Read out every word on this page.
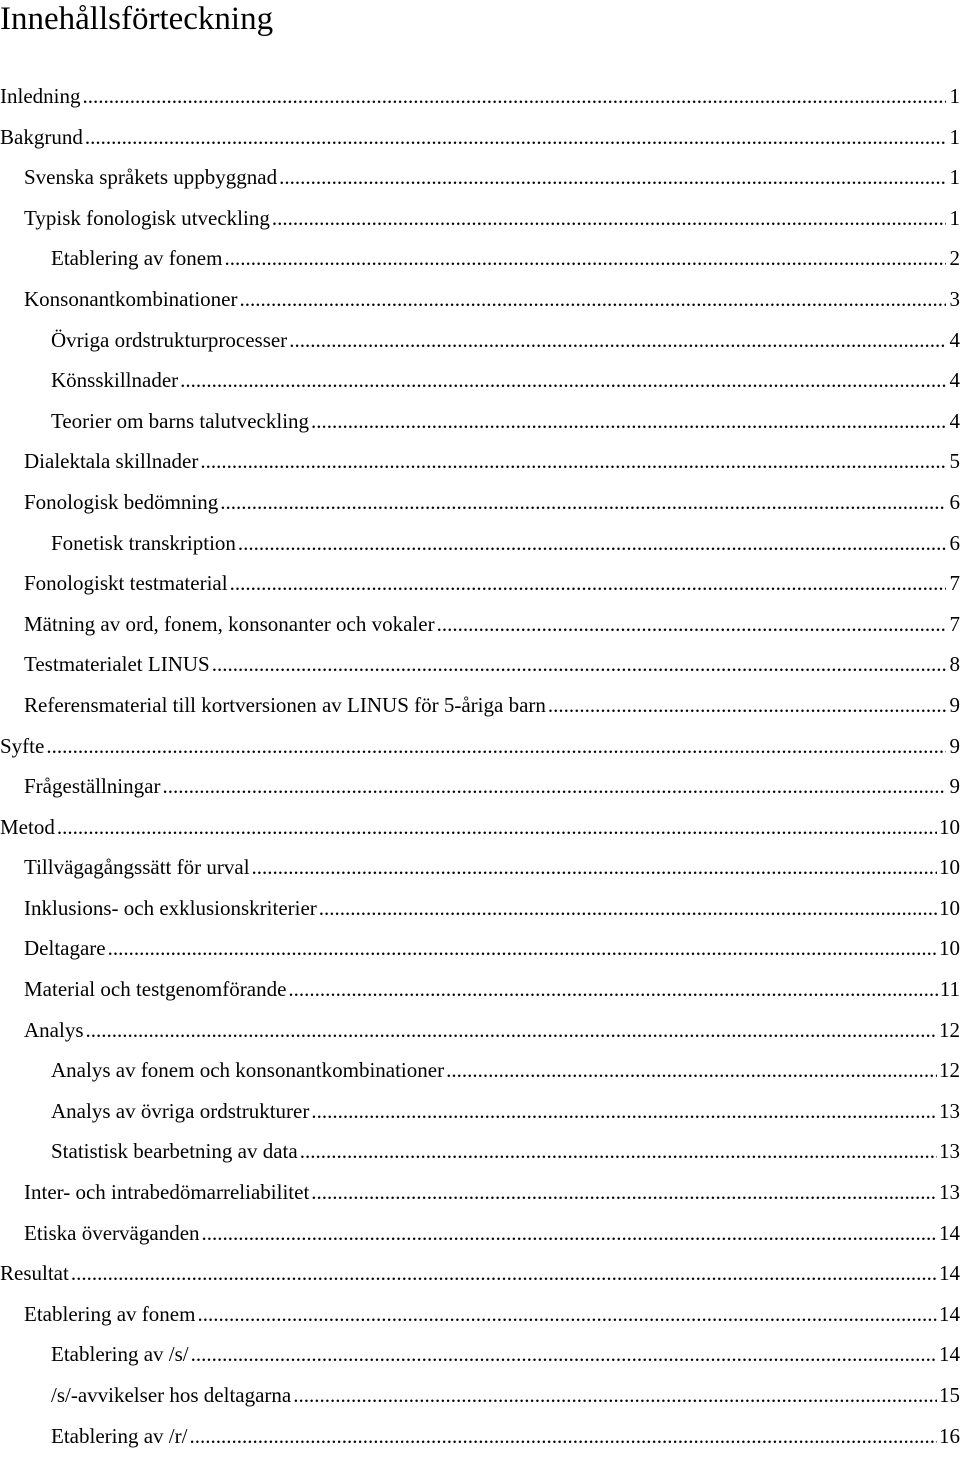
Innehållsförteckning
Inledning .....	1
Bakgrund .....	1
Svenska språkets uppbyggnad .....	1
Typisk fonologisk utveckling .....	1
Etablering av fonem .....	2
Konsonantkombinationer .....	3
Övriga ordstrukturprocesser .....	4
Könsskillnader .....	4
Teorier om barns talutveckling .....	4
Dialektala skillnader .....	5
Fonologisk bedömning .....	6
Fonetisk transkription .....	6
Fonologiskt testmaterial .....	7
Mätning av ord, fonem, konsonanter och vokaler .....	7
Testmaterialet LINUS .....	8
Referensmaterial till kortversionen av LINUS för 5-åriga barn .....	9
Syfte .....	9
Frågeställningar .....	9
Metod .....	10
Tillvägagångssätt för urval .....	10
Inklusions- och exklusionskriterier .....	10
Deltagare .....	10
Material och testgenomförande .....	11
Analys .....	12
Analys av fonem och konsonantkombinationer .....	12
Analys av övriga ordstrukturer .....	13
Statistisk bearbetning av data .....	13
Inter- och intrabedömarreliabilitet .....	13
Etiska överväganden .....	14
Resultat .....	14
Etablering av fonem .....	14
Etablering av /s/ .....	14
/s/-avvikelser hos deltagarna .....	15
Etablering av /r/ .....	16
